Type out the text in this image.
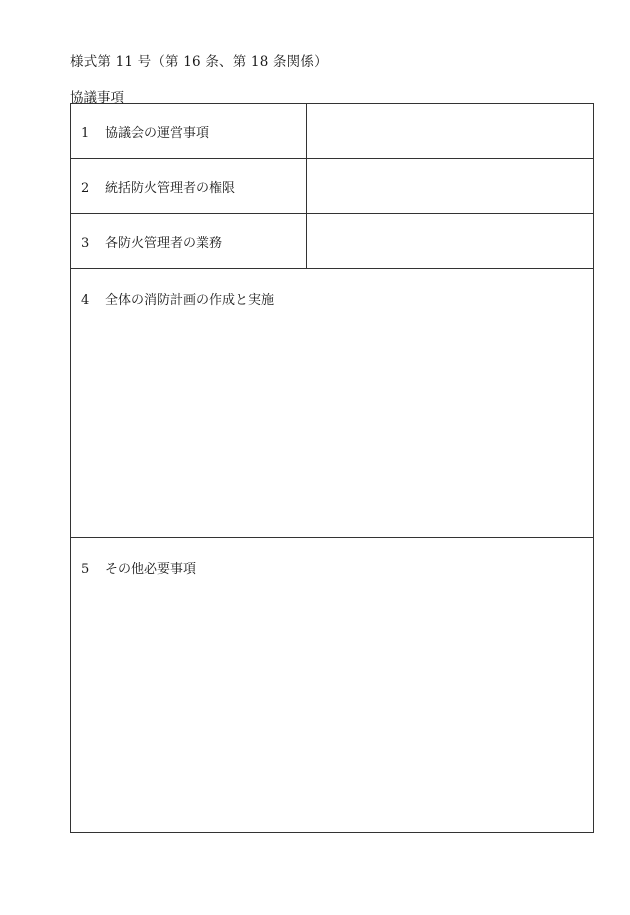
様式第 11 号（第 16 条、第 18 条関係）
協議事項
1 協議会の運営事項
2 統括防火管理者の権限
3 各防火管理者の業務
4 全体の消防計画の作成と実施
5 その他必要事項
